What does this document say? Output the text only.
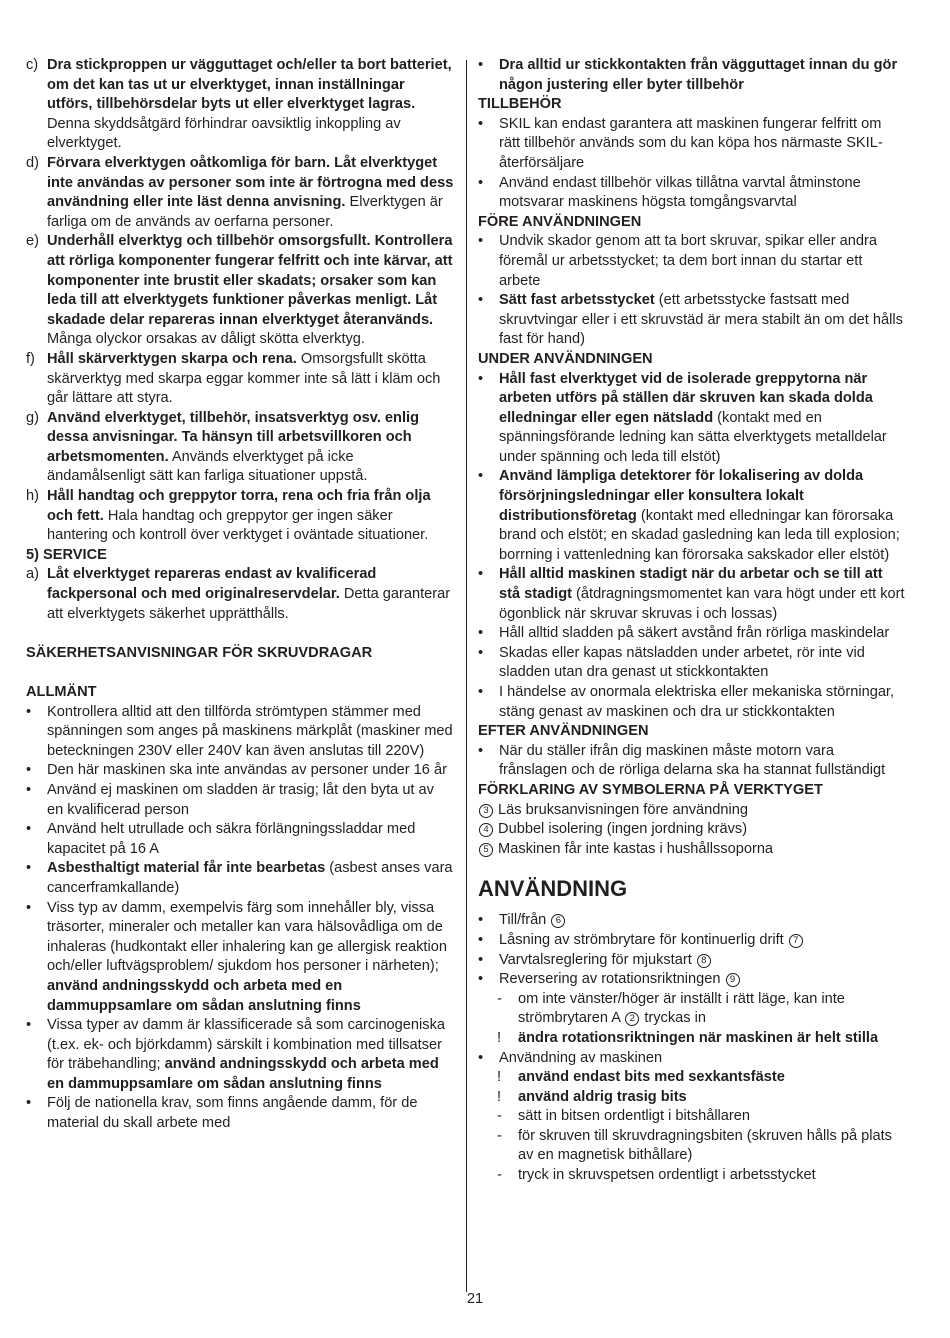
c) Dra stickproppen ur vägguttaget och/eller ta bort batteriet, om det kan tas ut ur elverktyget, innan inställningar utförs, tillbehörsdelar byts ut eller elverktyget lagras. Denna skyddsåtgärd förhindrar oavsiktlig inkoppling av elverktyget.
d) Förvara elverktygen oåtkomliga för barn. Låt elverktyget inte användas av personer som inte är förtrogna med dess användning eller inte läst denna anvisning. Elverktygen är farliga om de används av oerfarna personer.
e) Underhåll elverktyg och tillbehör omsorgsfullt. Kontrollera att rörliga komponenter fungerar felfritt och inte kärvar, att komponenter inte brustit eller skadats; orsaker som kan leda till att elverktygets funktioner påverkas menligt. Låt skadade delar repareras innan elverktyget återanvänds. Många olyckor orsakas av dåligt skötta elverktyg.
f) Håll skärverktygen skarpa och rena. Omsorgsfullt skötta skärverktyg med skarpa eggar kommer inte så lätt i kläm och går lättare att styra.
g) Använd elverktyget, tillbehör, insatsverktyg osv. enlig dessa anvisningar. Ta hänsyn till arbetsvillkoren och arbetsmomenten. Används elverktyget på icke ändamålsenligt sätt kan farliga situationer uppstå.
h) Håll handtag och greppytor torra, rena och fria från olja och fett. Hala handtag och greppytor ger ingen säker hantering och kontroll över verktyget i oväntade situationer.
5) SERVICE
a) Låt elverktyget repareras endast av kvalificerad fackpersonal och med originalreservdelar. Detta garanterar att elverktygets säkerhet upprätthålls.
SÄKERHETSANVISNINGAR FÖR SKRUVDRAGAR
ALLMÄNT
• Kontrollera alltid att den tillförda strömtypen stämmer med spänningen som anges på maskinens märkplåt (maskiner med beteckningen 230V eller 240V kan även anslutas till 220V)
• Den här maskinen ska inte användas av personer under 16 år
• Använd ej maskinen om sladden är trasig; låt den byta ut av en kvalificerad person
• Använd helt utrullade och säkra förlängningssladdar med kapacitet på 16 A
• Asbesthaltigt material får inte bearbetas (asbest anses vara cancerframkallande)
• Viss typ av damm, exempelvis färg som innehåller bly, vissa träsorter, mineraler och metaller kan vara hälsovådliga om de inhaleras (hudkontakt eller inhalering kan ge allergisk reaktion och/eller luftvägsproblem/ sjukdom hos personer i närheten); använd andningsskydd och arbeta med en dammuppsamlare om sådan anslutning finns
• Vissa typer av damm är klassificerade så som carcinogeniska (t.ex. ek- och björkdamm) särskilt i kombination med tillsatser för träbehandling; använd andningsskydd och arbeta med en dammuppsamlare om sådan anslutning finns
• Följ de nationella krav, som finns angående damm, för de material du skall arbete med
• Dra alltid ur stickkontakten från vägguttaget innan du gör någon justering eller byter tillbehör
TILLBEHÖR
• SKIL kan endast garantera att maskinen fungerar felfritt om rätt tillbehör används som du kan köpa hos närmaste SKIL-återförsäljare
• Använd endast tillbehör vilkas tillåtna varvtal åtminstone motsvarar maskinens högsta tomgångsvarvtal
FÖRE ANVÄNDNINGEN
• Undvik skador genom att ta bort skruvar, spikar eller andra föremål ur arbetsstycket; ta dem bort innan du startar ett arbete
• Sätt fast arbetsstycket (ett arbetsstycke fastsatt med skruvtvingar eller i ett skruvstäd är mera stabilt än om det hålls fast för hand)
UNDER ANVÄNDNINGEN
• Håll fast elverktyget vid de isolerade greppytorna när arbeten utförs på ställen där skruven kan skada dolda elledningar eller egen nätsladd (kontakt med en spänningsförande ledning kan sätta elverktygets metalldelar under spänning och leda till elstöt)
• Använd lämpliga detektorer för lokalisering av dolda försörjningsledningar eller konsultera lokalt distributionsföretag (kontakt med elledningar kan förorsaka brand och elstöt; en skadad gasledning kan leda till explosion; borrning i vattenledning kan förorsaka sakskador eller elstöt)
• Håll alltid maskinen stadigt när du arbetar och se till att stå stadigt (åtdragningsmomentet kan vara högt under ett kort ögonblick när skruvar skruvas i och lossas)
• Håll alltid sladden på säkert avstånd från rörliga maskindelar
• Skadas eller kapas nätsladden under arbetet, rör inte vid sladden utan dra genast ut stickkontakten
• I händelse av onormala elektriska eller mekaniska störningar, stäng genast av maskinen och dra ur stickkontakten
EFTER ANVÄNDNINGEN
• När du ställer ifrån dig maskinen måste motorn vara frånslagen och de rörliga delarna ska ha stannat fullständigt
FÖRKLARING AV SYMBOLERNA PÅ VERKTYGET
3 Läs bruksanvisningen före användning
4 Dubbel isolering (ingen jordning krävs)
5 Maskinen får inte kastas i hushållssoporna
ANVÄNDNING
• Till/från 6
• Låsning av strömbrytare för kontinuerlig drift 7
• Varvtalsreglering för mjukstart 8
• Reversering av rotationsriktningen 9
- om inte vänster/höger är inställt i rätt läge, kan inte strömbrytaren A 2 tryckas in
! ändra rotationsriktningen när maskinen är helt stilla
• Användning av maskinen
! använd endast bits med sexkantsfäste
! använd aldrig trasig bits
- sätt in bitsen ordentligt i bitshållaren
- för skruven till skruvdragningsbiten (skruven hålls på plats av en magnetisk bithållare)
- tryck in skruvspetsen ordentligt i arbetsstycket
21
